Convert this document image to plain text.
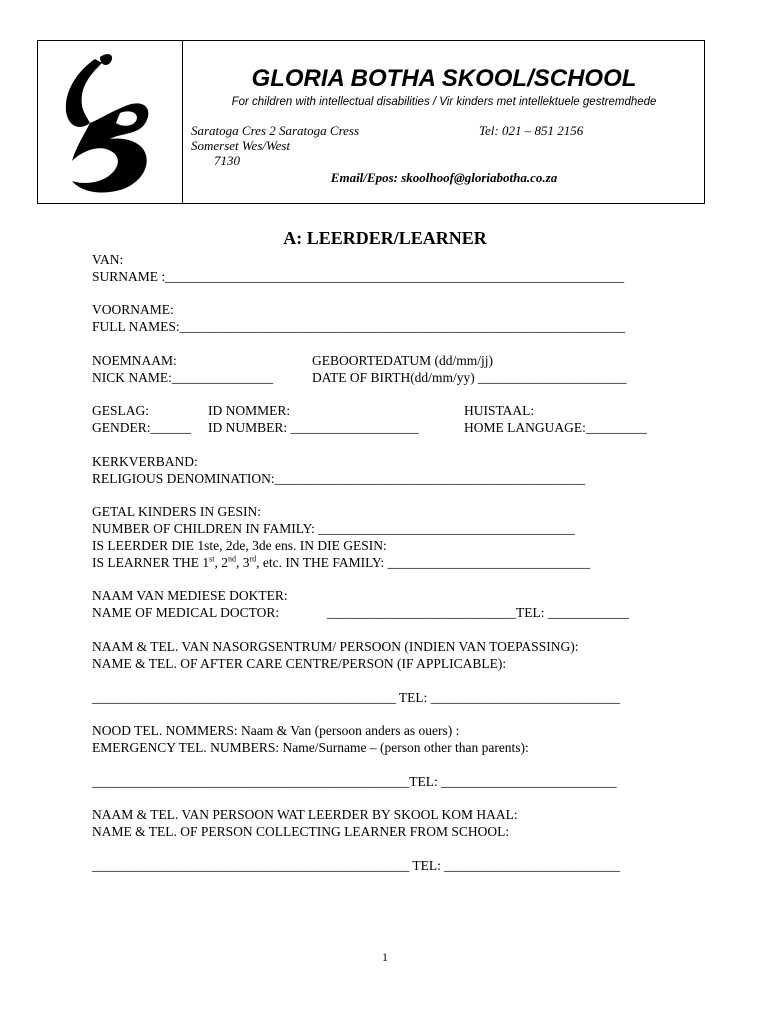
GLORIA BOTHA SKOOL/SCHOOL
For children with intellectual disabilities / Vir kinders met intellektuele gestremdhede
Saratoga Cres 2 Saratoga Cress
Somerset Wes/West
7130
Tel: 021 – 851 2156
Email/Epos: skoolhoof@gloriabotha.co.za
A: LEERDER/LEARNER
VAN:
SURNAME :____________________________________________________________________
VOORNAME:
FULL NAMES:__________________________________________________________________
NOEMNAAM:	GEBOORTEDATUM (dd/mm/jj)
NICK NAME:_______________	DATE OF BIRTH(dd/mm/yy) ______________________
GESLAG:	ID NOMMER:	HUISTAAL:
GENDER:______ ID NUMBER: ___________________	HOME LANGUAGE:_________
KERKVERBAND:
RELIGIOUS DENOMINATION:______________________________________________
GETAL KINDERS IN GESIN:
NUMBER OF CHILDREN IN FAMILY: ______________________________________
IS LEERDER DIE 1ste, 2de, 3de ens. IN DIE GESIN:
IS LEARNER THE 1st, 2nd, 3rd, etc. IN THE FAMILY: ______________________________
NAAM VAN MEDIESE DOKTER:
NAME OF MEDICAL DOCTOR:	____________________________TEL: ____________
NAAM & TEL. VAN NASORGSENTRUM/ PERSOON (INDIEN VAN TOEPASSING):
NAME & TEL. OF AFTER CARE CENTRE/PERSON (IF APPLICABLE):
_____________________________________________ TEL: ____________________________
NOOD TEL. NOMMERS: Naam & Van (persoon anders as ouers) :
EMERGENCY TEL. NUMBERS: Name/Surname – (person other than parents):
_______________________________________________TEL: __________________________
NAAM & TEL. VAN PERSOON WAT LEERDER BY SKOOL KOM HAAL:
NAME & TEL. OF PERSON COLLECTING LEARNER FROM SCHOOL:
_______________________________________________ TEL: __________________________
1
